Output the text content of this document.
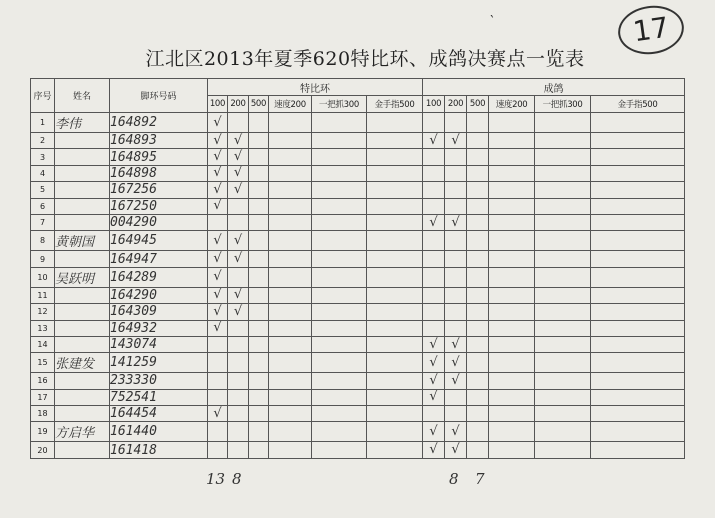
17
江北区2013年夏季620特比环、成鸽决赛点一览表
序号	姓名	脚环号码	特比环						成鸽					
			100	200	500	速度200	一把抓300	金手指500	100	200	500	速度200	一把抓300	金手指500
1	李伟	164892	√											
2		164893	√	√					√	√				
3		164895	√	√										
4		164898	√	√										
5		167256	√	√										
6		167250	√											
7		004290							√	√				
8	黄朝国	164945	√	√										
9		164947	√	√										
10	吴跃明	164289	√											
11		164290	√	√										
12		164309	√	√										
13		164932	√											
14		143074							√	√				
15	张建发	141259							√	√				
16		233330							√	√				
17		752541							√					
18		164454	√											
19	方启华	161440							√	√				
20		161418							√	√				
13 8	8 7
`
